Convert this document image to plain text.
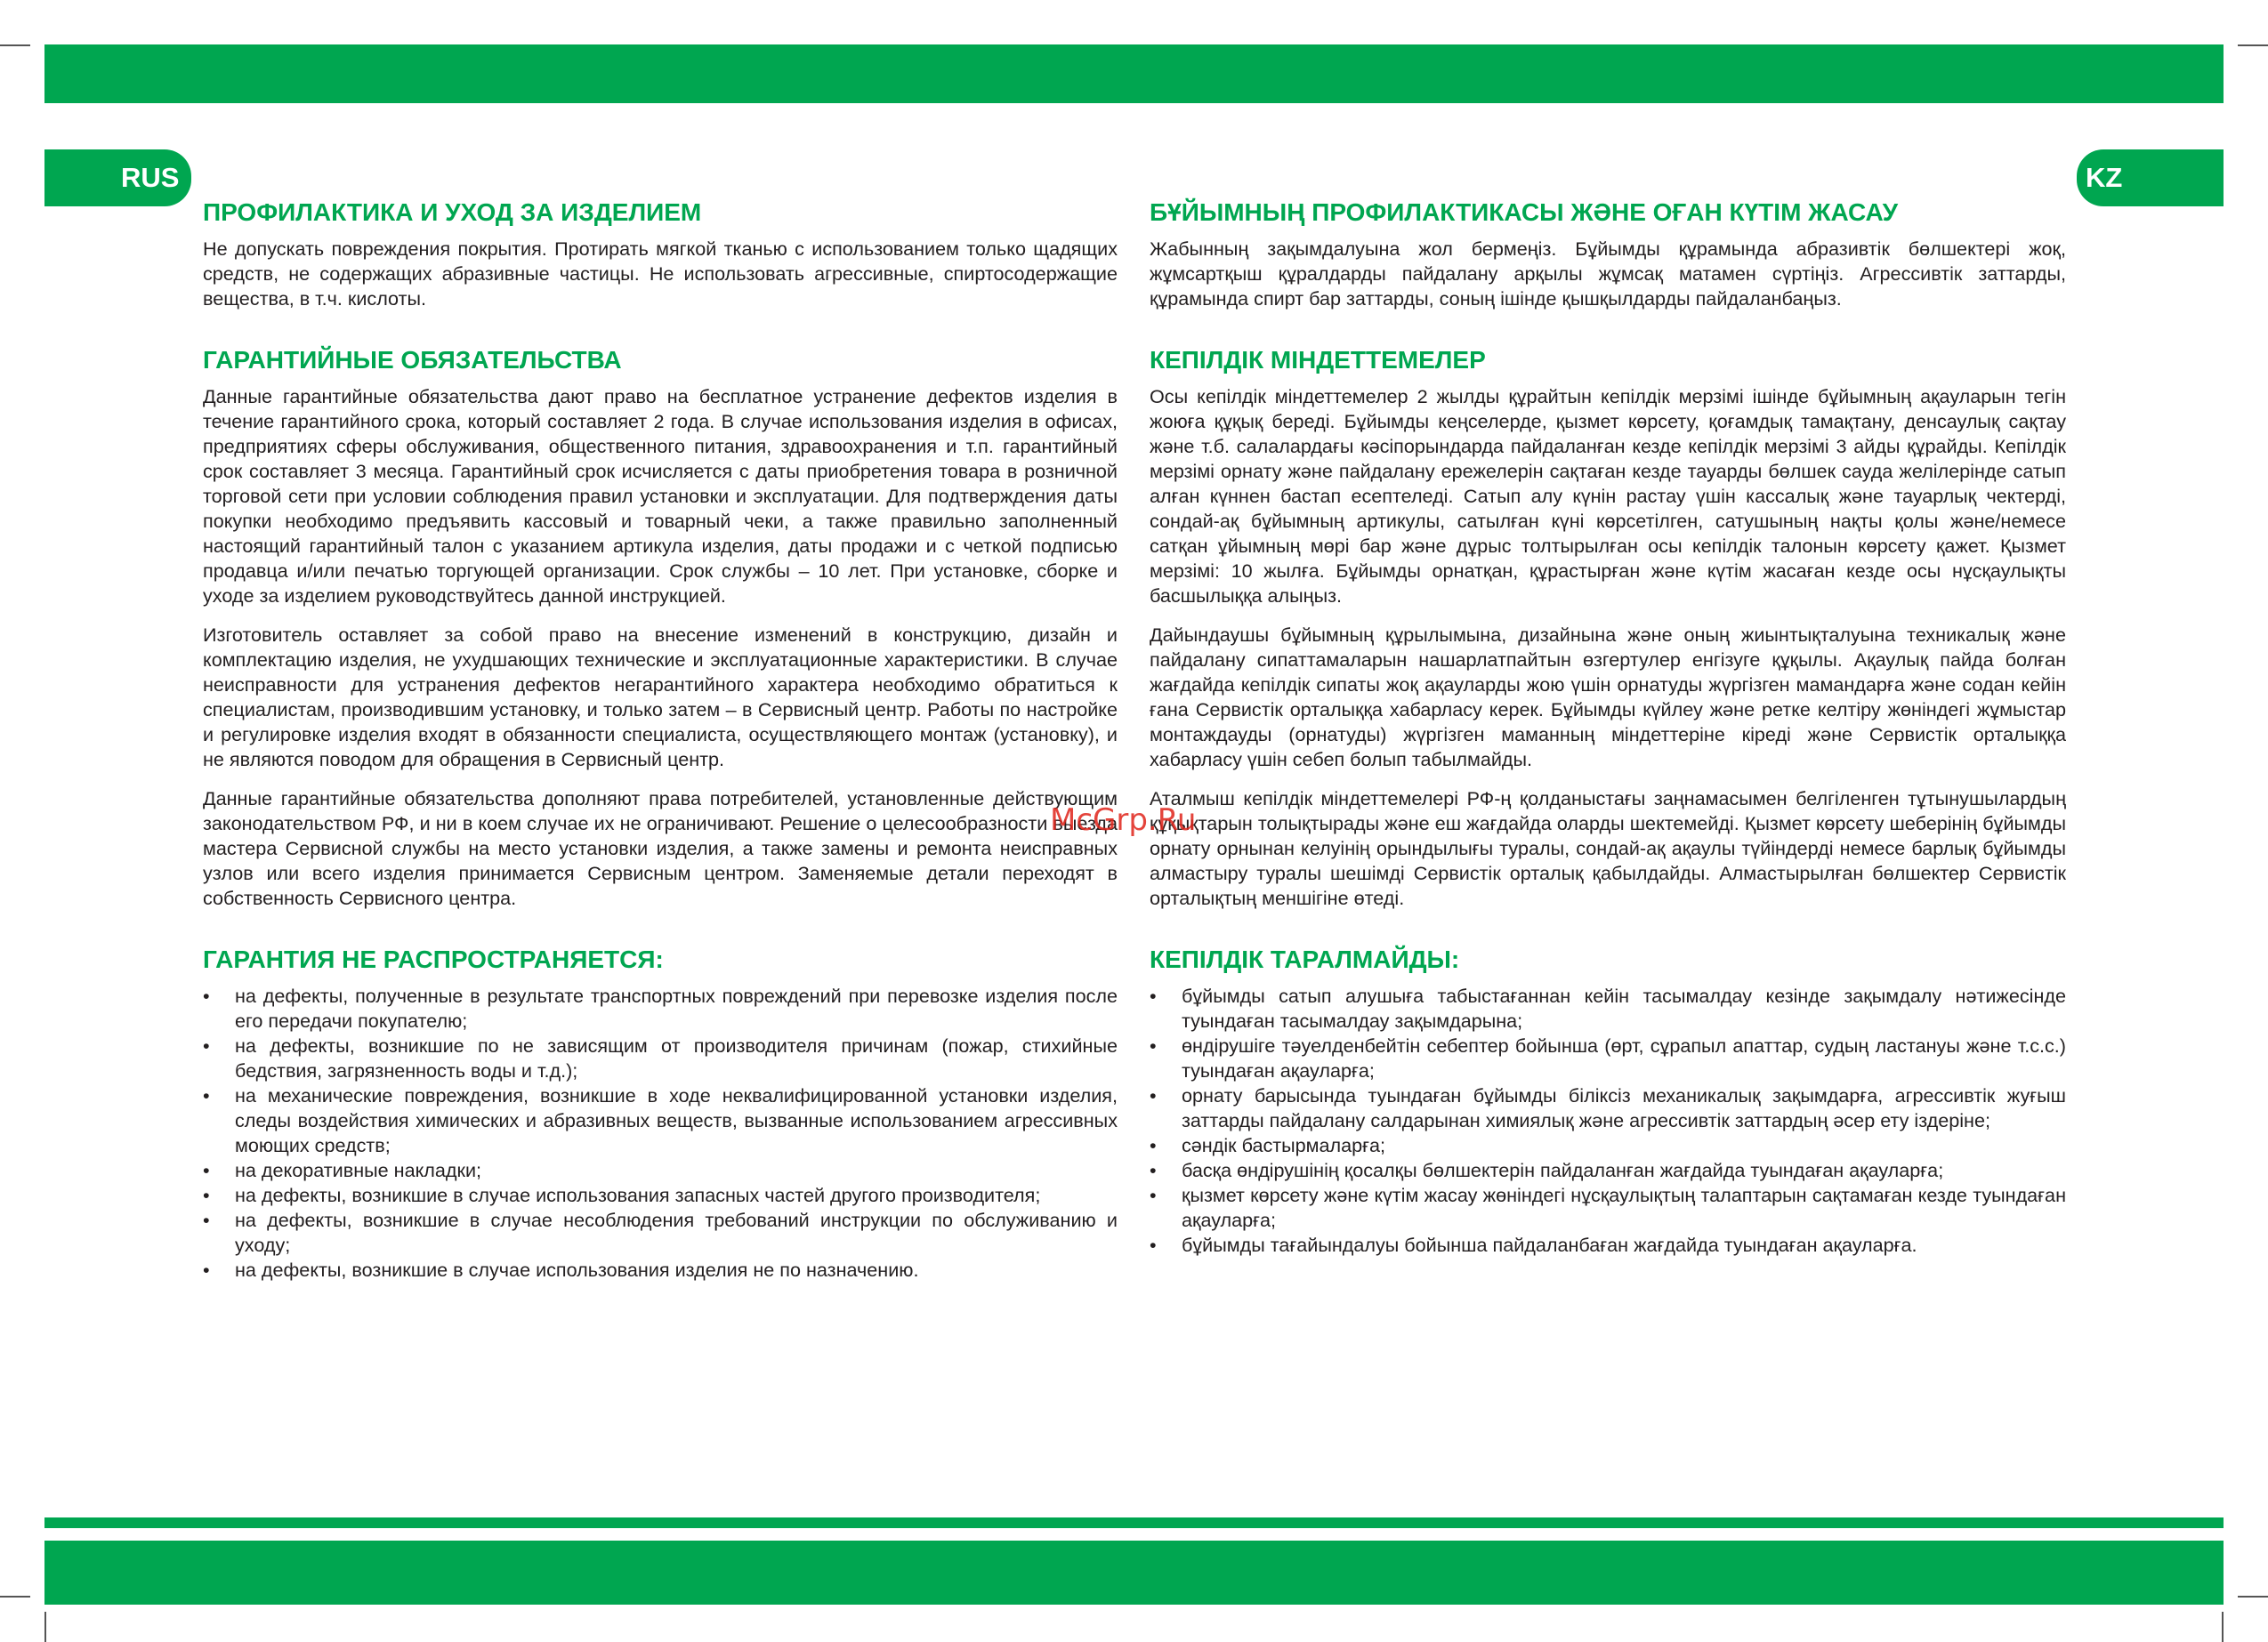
RUS	KZ
ПРОФИЛАКТИКА И УХОД ЗА ИЗДЕЛИЕМ

Не допускать повреждения покрытия. Протирать мягкой тканью с использованием только щадящих средств, не содержащих абразивные частицы. Не использовать агрессивные, спиртосодержащие вещества, в т.ч. кислоты.

ГАРАНТИЙНЫЕ ОБЯЗАТЕЛЬСТВА

Данные гарантийные обязательства дают право на бесплатное устранение дефектов изделия в течение гарантийного срока, который составляет 2 года. В случае использования изделия в офисах, предприятиях сферы обслуживания, общественного питания, здравоохранения и т.п. гарантийный срок составляет 3 месяца. Гарантийный срок исчисляется с даты приобретения товара в розничной торговой сети при условии соблюдения правил установки и эксплуатации. Для подтверждения даты покупки необходимо предъявить кассовый и товарный чеки, а также правильно заполненный настоящий гарантийный талон с указанием артикула изделия, даты продажи и с четкой подписью продавца и/или печатью торгующей организации. Срок службы – 10 лет. При установке, сборке и уходе за изделием руководствуйтесь данной инструкцией.

Изготовитель оставляет за собой право на внесение изменений в конструкцию, дизайн и комплектацию изделия, не ухудшающих технические и эксплуатационные характеристики. В случае неисправности для устранения дефектов негарантийного характера необходимо обратиться к специалистам, производившим установку, и только затем – в Сервисный центр. Работы по настройке и регулировке изделия входят в обязанности специалиста, осуществляющего монтаж (установку), и не являются поводом для обращения в Сервисный центр.

Данные гарантийные обязательства дополняют права потребителей, установленные действующим законодательством РФ, и ни в коем случае их не ограничивают. Решение о целесообразности выезда мастера Сервисной службы на место установки изделия, а также замены и ремонта неисправных узлов или всего изделия принимается Сервисным центром. Заменяемые детали переходят в собственность Сервисного центра.

ГАРАНТИЯ НЕ РАСПРОСТРАНЯЕТСЯ:
• на дефекты, полученные в результате транспортных повреждений при перевозке изделия после его передачи покупателю;
• на дефекты, возникшие по не зависящим от производителя причинам (пожар, стихийные бедствия, загрязненность воды и т.д.);
• на механические повреждения, возникшие в ходе неквалифицированной установки изделия, следы воздействия химических и абразивных веществ, вызванные использованием агрессивных моющих средств;
• на декоративные накладки;
• на дефекты, возникшие в случае использования запасных частей другого производителя;
• на дефекты, возникшие в случае несоблюдения требований инструкции по обслуживанию и уходу;
• на дефекты, возникшие в случае использования изделия не по назначению.
БҰЙЫМНЫҢ ПРОФИЛАКТИКАСЫ ЖӘНЕ ОҒАН КҮТІМ ЖАСАУ

Жабынның зақымдалуына жол бермеңіз. Бұйымды құрамында абразивтік бөлшектері жоқ, жұмсартқыш құралдарды пайдалану арқылы жұмсақ матамен сүртіңіз. Агрессивтік заттарды, құрамында спирт бар заттарды, соның ішінде қышқылдарды пайдаланбаңыз.

КЕПІЛДІК МІНДЕТТЕМЕЛЕР

Осы кепілдік міндеттемелер 2 жылды құрайтын кепілдік мерзімі ішінде бұйымның ақауларын тегін жоюға құқық береді. Бұйымды кеңселерде, қызмет көрсету, қоғамдық тамақтану, денсаулық сақтау және т.б. салалардағы кәсіпорындарда пайдаланған кезде кепілдік мерзімі 3 айды құрайды. Кепілдік мерзімі орнату және пайдалану ережелерін сақтаған кезде тауарды бөлшек сауда желілерінде сатып алған күннен бастап есептеледі. Сатып алу күнін растау үшін кассалық және тауарлық чектерді, сондай-ақ бұйымның артикулы, сатылған күні көрсетілген, сатушының нақты қолы және/немесе сатқан ұйымның мөрі бар және дұрыс толтырылған осы кепілдік талонын көрсету қажет. Қызмет мерзімі: 10 жылға. Бұйымды орнатқан, құрастырған және күтім жасаған кезде осы нұсқаулықты басшылыққа алыңыз.

Дайындаушы бұйымның құрылымына, дизайнына және оның жиынтықталуына техникалық және пайдалану сипаттамаларын нашарлатпайтын өзгертулер енгізуге құқылы. Ақаулық пайда болған жағдайда кепілдік сипаты жоқ ақауларды жою үшін орнатуды жүргізген мамандарға және содан кейін ғана Сервистік орталыққа хабарласу керек. Бұйымды күйлеу және ретке келтіру жөніндегі жұмыстар монтаждауды (орнатуды) жүргізген маманның міндеттеріне кіреді және Сервистік орталыққа хабарласу үшін себеп болып табылмайды.

Аталмыш кепілдік міндеттемелері РФ-ң қолданыстағы заңнамасымен белгіленген тұтынушылардың құқықтарын толықтырады және еш жағдайда оларды шектемейді. Қызмет көрсету шеберінің бұйымды орнату орнынан келуінің орындылығы туралы, сондай-ақ ақаулы түйіндерді немесе барлық бұйымды алмастыру туралы шешімді Сервистік орталық қабылдайды. Алмастырылған бөлшектер Сервистік орталықтың меншігіне өтеді.

КЕПІЛДІК ТАРАЛМАЙДЫ:
• бұйымды сатып алушыға табыстағаннан кейін тасымалдау кезінде зақымдалу нәтижесінде туындаған тасымалдау зақымдарына;
• өндірушіге тәуелденбейтін себептер бойынша (өрт, сұрапыл апаттар, судың ластануы және т.с.с.) туындаған ақауларға;
• орнату барысында туындаған бұйымды біліксіз механикалық зақымдарға, агрессивтік жуғыш заттарды пайдалану салдарынан химиялық және агрессивтік заттардың әсер ету іздеріне;
• сәндік бастырмаларға;
• басқа өндірушінің қосалқы бөлшектерін пайдаланған жағдайда туындаған ақауларға;
• қызмет көрсету және күтім жасау жөніндегі нұсқаулықтың талаптарын сақтамаған кезде туындаған ақауларға;
• бұйымды тағайындалуы бойынша пайдаланбаған жағдайда туындаған ақауларға.
McGrp.Ru
